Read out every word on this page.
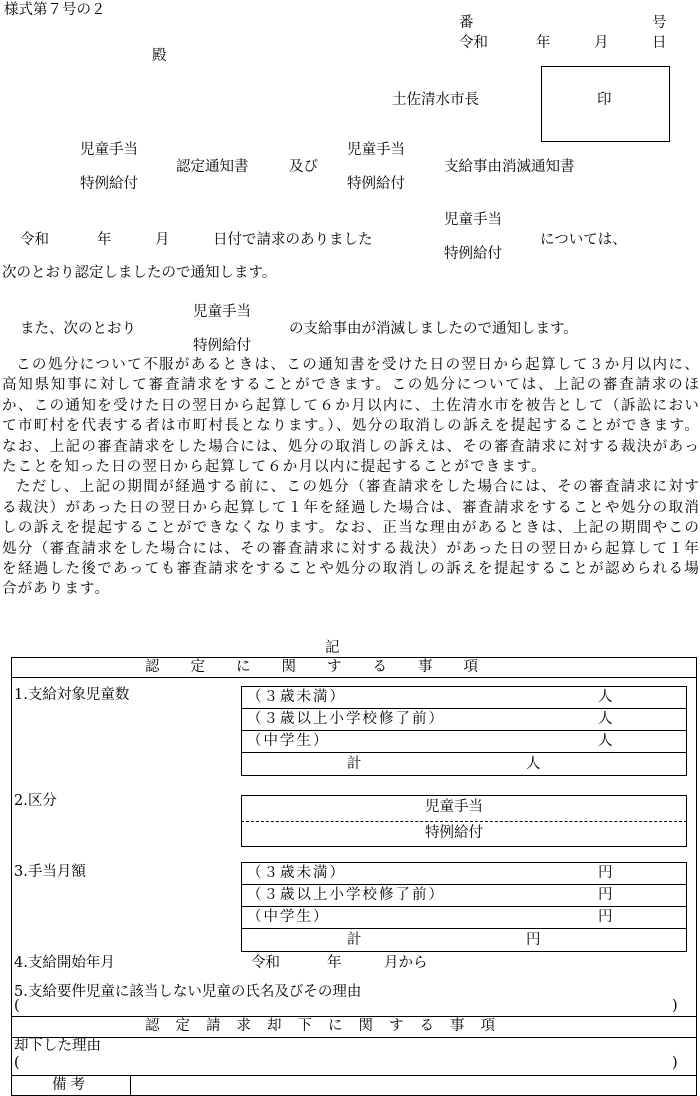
様式第７号の２
番	号
令和	年	月	日
殿
土佐清水市長	印
児童手当
特例給付
認定通知書	及び
児童手当
特例給付
支給事由消滅通知書
児童手当
特例給付
令和	年	月	日付で請求のありました	については、
次のとおり認定しましたので通知します。
児童手当
特例給付
また、次のとおり	の支給事由が消滅しましたので通知します。

この処分について不服があるときは、この通知書を受けた日の翌日から起算して３か月以内に、高知県知事に対して審査請求をすることができます。この処分については、上記の審査請求のほか、この通知を受けた日の翌日から起算して６か月以内に、土佐清水市を被告として（訴訟において市町村を代表する者は市町村長となります。）、処分の取消しの訴えを提起することができます。なお、上記の審査請求をした場合には、処分の取消しの訴えは、その審査請求に対する裁決があったことを知った日の翌日から起算して６か月以内に提起することができます。

ただし、上記の期間が経過する前に、この処分（審査請求をした場合には、その審査請求に対する裁決）があった日の翌日から起算して１年を経過した場合は、審査請求をすることや処分の取消しの訴えを提起することができなくなります。なお、正当な理由があるときは、上記の期間やこの処分（審査請求をした場合には、その審査請求に対する裁決）があった日の翌日から起算して１年を経過した後であっても審査請求をすることや処分の取消しの訴えを提起することが認められる場合があります。

記
認定に関する事項
1.支給対象児童数	（３歳未満）	人
（３歳以上小学校修了前）	人
（中学生）	人
計	人
2.区分	児童手当
特例給付
3.手当月額	（３歳未満）	円
（３歳以上小学校修了前）	円
（中学生）	円
計	円
4.支給開始年月	令和	年	月から
5.支給要件児童に該当しない児童の氏名及びその理由
(	)
認定請求却下に関する事項
却下した理由
(	)
備考
